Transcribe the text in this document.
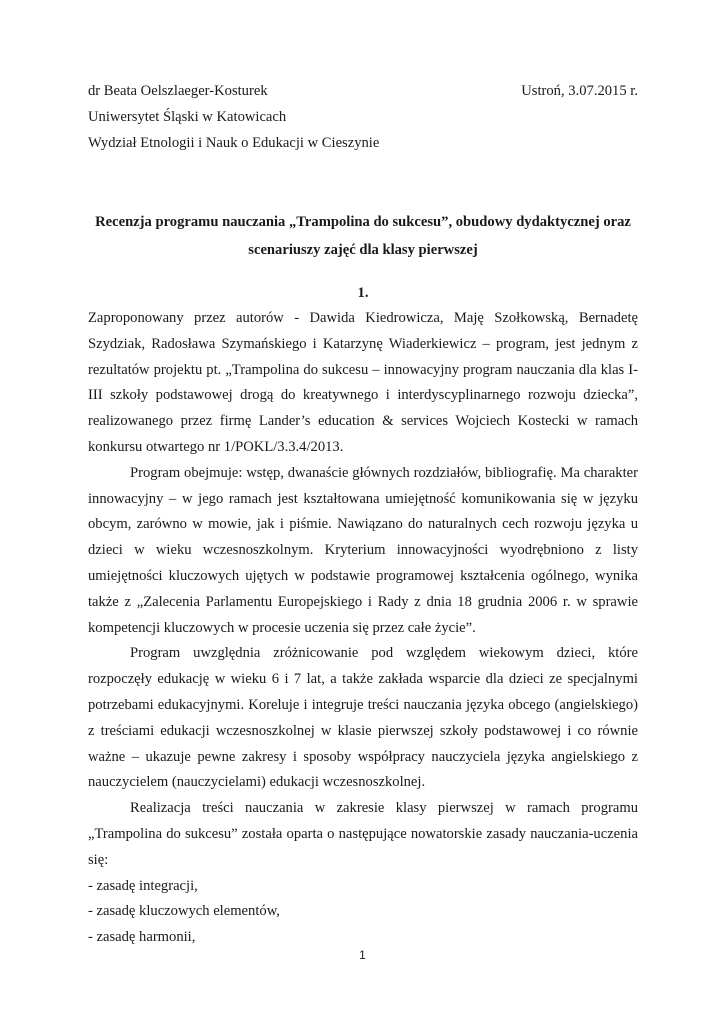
dr Beata Oelszlaeger-Kosturek	Ustroń, 3.07.2015 r.
Uniwersytet Śląski w Katowicach
Wydział Etnologii i Nauk o Edukacji w Cieszynie
Recenzja programu nauczania „Trampolina do sukcesu”, obudowy dydaktycznej oraz
scenariuszy zajęć dla klasy pierwszej
1.

Zaproponowany przez autorów - Dawida Kiedrowicza, Maję Szołkowską, Bernadetę Szydziak, Radosława Szymańskiego i Katarzynę Wiaderkiewicz – program, jest jednym z rezultatów projektu pt. „Trampolina do sukcesu – innowacyjny program nauczania dla klas I-III szkoły podstawowej drogą do kreatywnego i interdyscyplinarnego rozwoju dziecka”, realizowanego przez firmę Lander’s education & services Wojciech Kostecki w ramach konkursu otwartego nr 1/POKL/3.3.4/2013.

Program obejmuje: wstęp, dwanaście głównych rozdziałów, bibliografię. Ma charakter innowacyjny – w jego ramach jest kształtowana umiejętność komunikowania się w języku obcym, zarówno w mowie, jak i piśmie. Nawiązano do naturalnych cech rozwoju języka u dzieci w wieku wczesnoszkolnym. Kryterium innowacyjności wyodrębniono z listy umiejętności kluczowych ujętych w podstawie programowej kształcenia ogólnego, wynika także z „Zalecenia Parlamentu Europejskiego i Rady z dnia 18 grudnia 2006 r. w sprawie kompetencji kluczowych w procesie uczenia się przez całe życie”.

Program uwzględnia zróżnicowanie pod względem wiekowym dzieci, które rozpoczęły edukację w wieku 6 i 7 lat, a także zakłada wsparcie dla dzieci ze specjalnymi potrzebami edukacyjnymi. Koreluje i integruje treści nauczania języka obcego (angielskiego) z treściami edukacji wczesnoszkolnej w klasie pierwszej szkoły podstawowej i co równie ważne – ukazuje pewne zakresy i sposoby współpracy nauczyciela języka angielskiego z nauczycielem (nauczycielami) edukacji wczesnoszkolnej.

Realizacja treści nauczania w zakresie klasy pierwszej w ramach programu „Trampolina do sukcesu” została oparta o następujące nowatorskie zasady nauczania-uczenia się:

- zasadę integracji,

- zasadę kluczowych elementów,

- zasadę harmonii,

1
